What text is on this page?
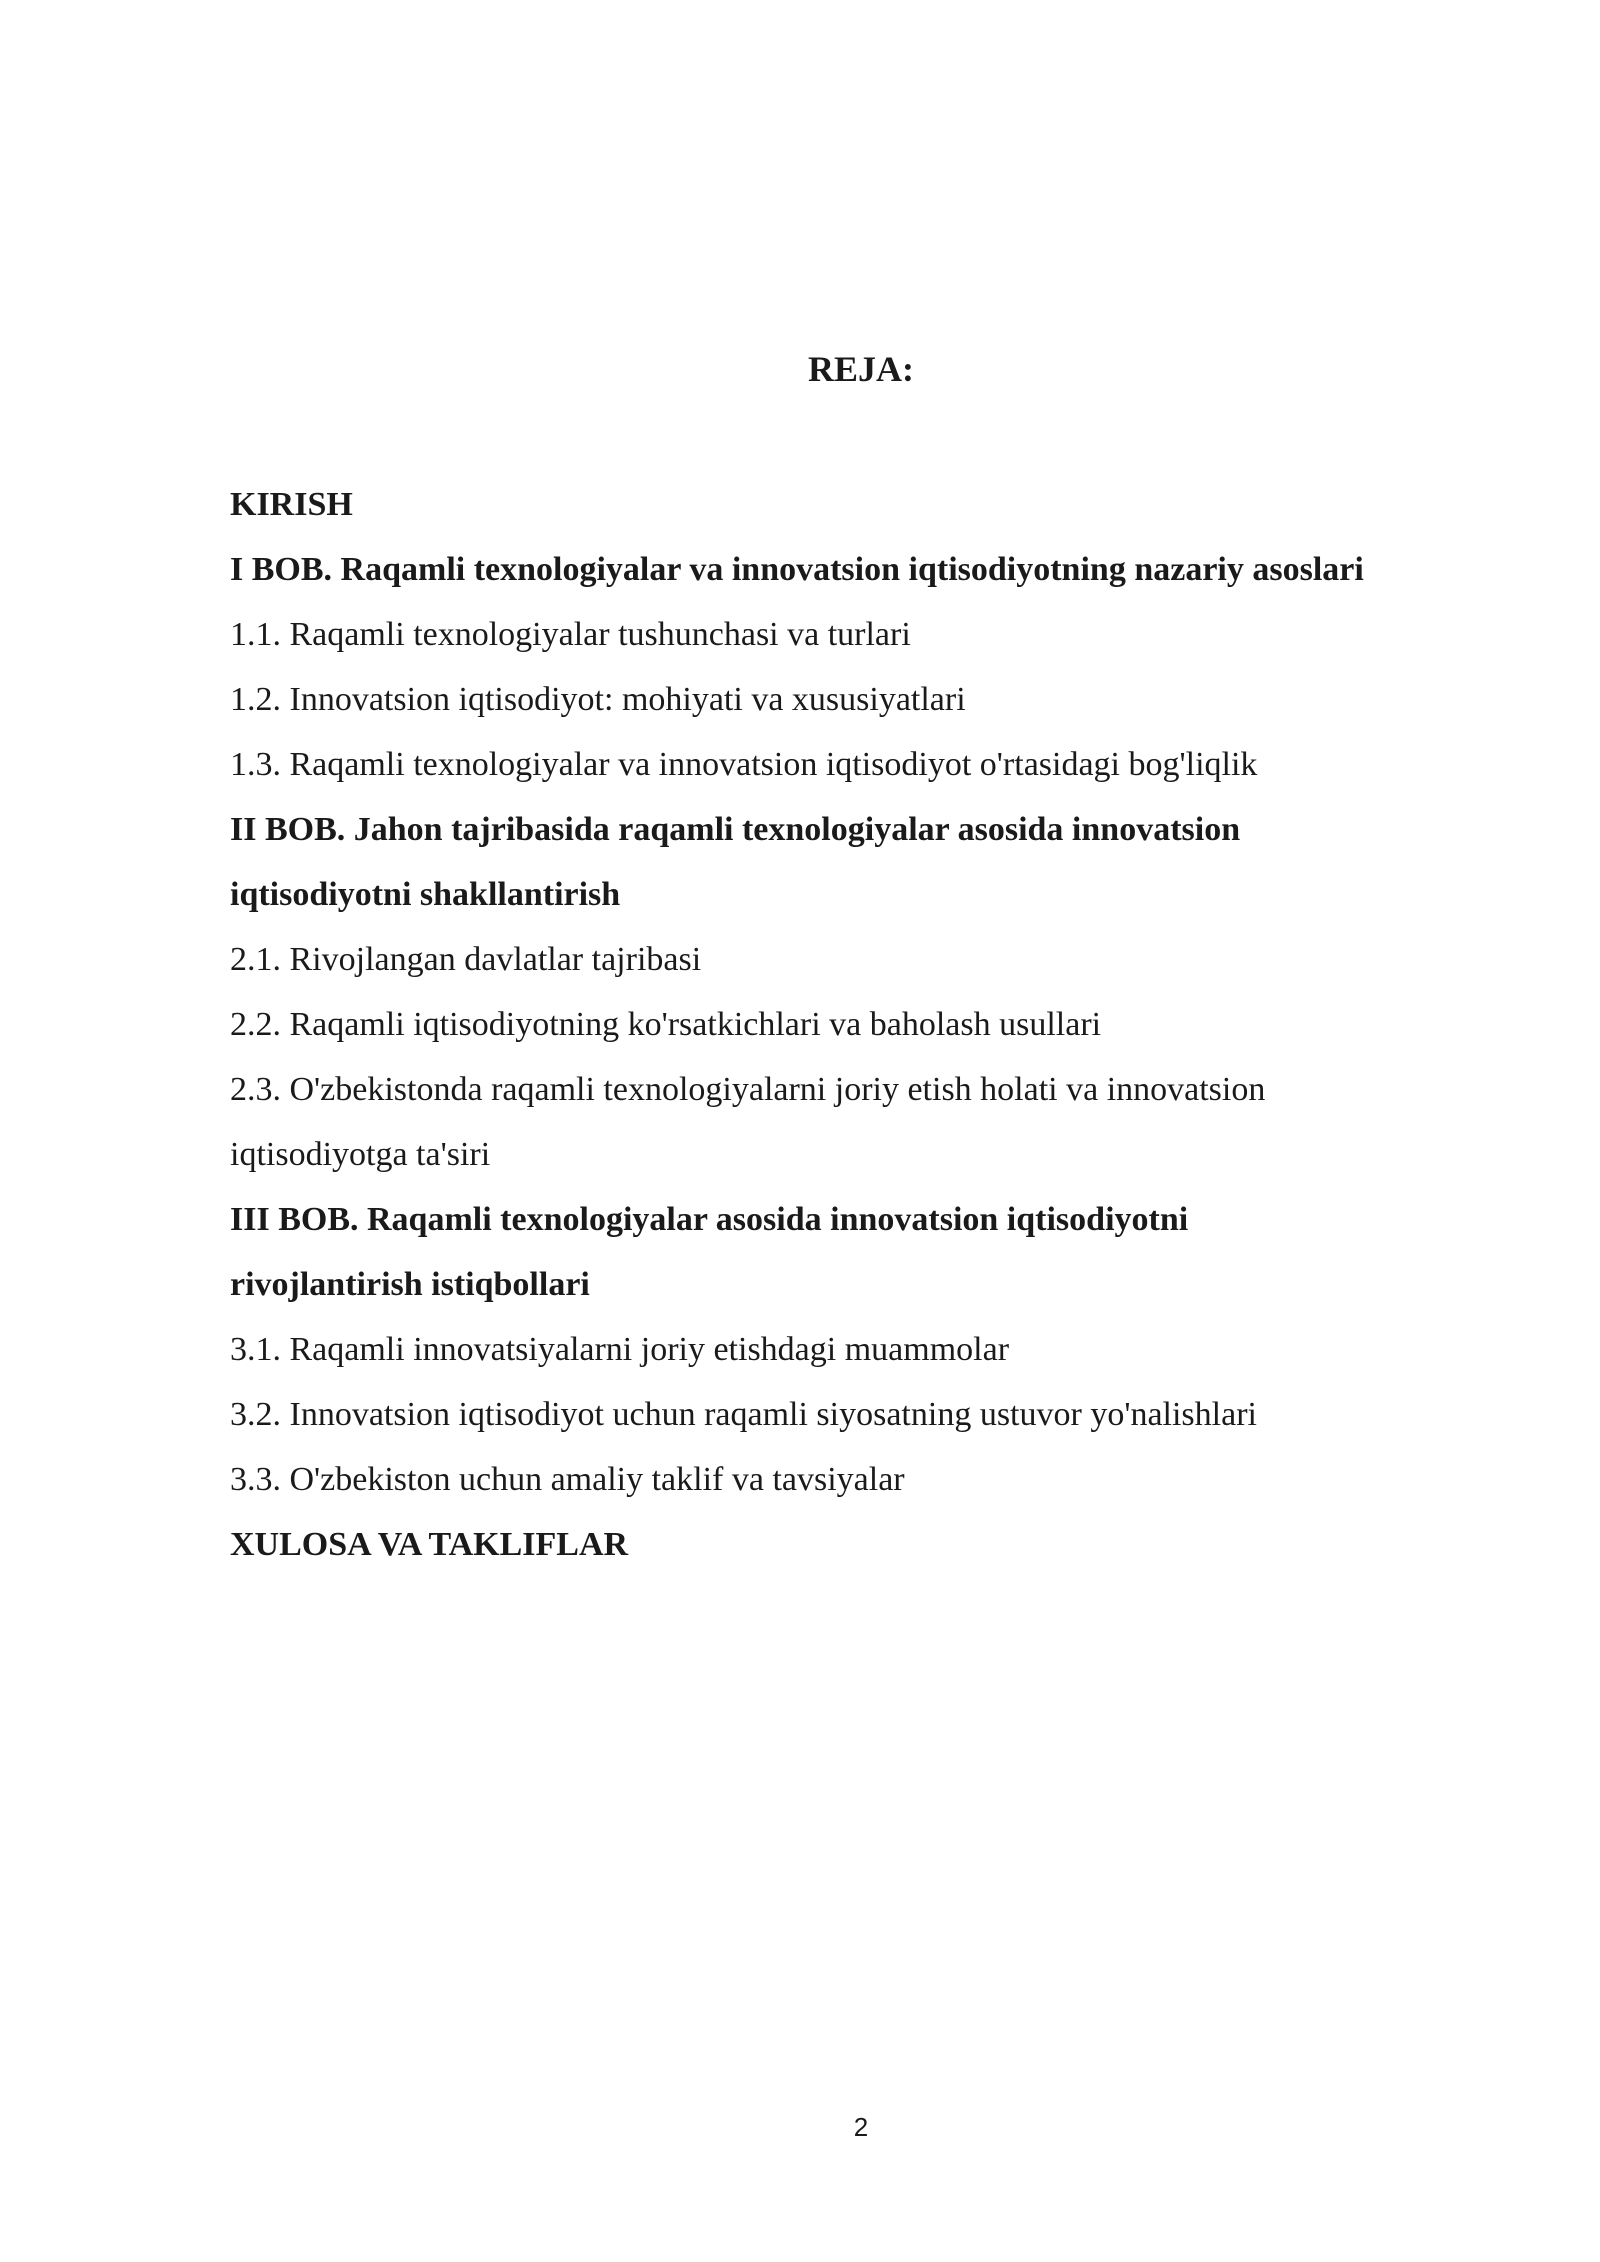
REJA:
KIRISH
I BOB. Raqamli texnologiyalar va innovatsion iqtisodiyotning nazariy asoslari
1.1. Raqamli texnologiyalar tushunchasi va turlari
1.2. Innovatsion iqtisodiyot: mohiyati va xususiyatlari
1.3. Raqamli texnologiyalar va innovatsion iqtisodiyot o'rtasidagi bog'liqlik
II BOB. Jahon tajribasida raqamli texnologiyalar asosida innovatsion
iqtisodiyotni shakllantirish
2.1. Rivojlangan davlatlar tajribasi
2.2. Raqamli iqtisodiyotning ko'rsatkichlari va baholash usullari
2.3. O'zbekistonda raqamli texnologiyalarni joriy etish holati va innovatsion
iqtisodiyotga ta'siri
III BOB. Raqamli texnologiyalar asosida innovatsion iqtisodiyotni
rivojlantirish istiqbollari
3.1. Raqamli innovatsiyalarni joriy etishdagi muammolar
3.2. Innovatsion iqtisodiyot uchun raqamli siyosatning ustuvor yo'nalishlari
3.3. O'zbekiston uchun amaliy taklif va tavsiyalar
XULOSA VA TAKLIFLAR
2
